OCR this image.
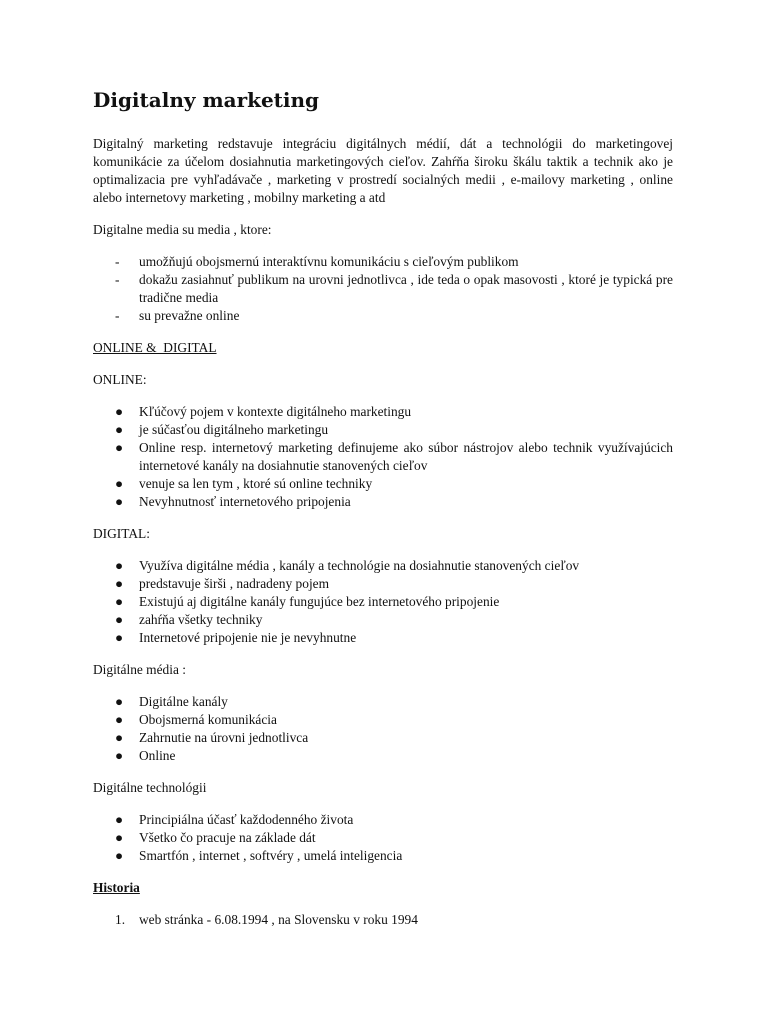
Digitalny marketing

Digitalný marketing redstavuje integráciu digitálnych médií, dát a technológii do marketingovej komunikácie za účelom dosiahnutia marketingových cieľov. Zahŕňa široku škálu taktik a technik ako je optimalizacia pre vyhľadávače , marketing v prostredí socialných medii , e-mailovy marketing , online alebo internetovy marketing , mobilny marketing a atd

Digitalne media su media , ktore:

-	umožňujú obojsmernú interaktívnu komunikáciu s cieľovým publikom
-	dokažu zasiahnuť publikum na urovni jednotlivca , ide teda o opak masovosti , ktoré je typická pre tradične media
-	su prevažne online

ONLINE &  DIGITAL

ONLINE:

●	Kľúčový pojem v kontexte digitálneho marketingu
●	je súčasťou digitálneho marketingu
●	Online resp. internetový marketing definujeme ako súbor nástrojov alebo technik využívajúcich internetové kanály na dosiahnutie stanovených cieľov
●	venuje sa len tym , ktoré sú online techniky
●	Nevyhnutnosť internetového pripojenia

DIGITAL:

●	Využíva digitálne média , kanály a technológie na dosiahnutie stanovených cieľov
●	predstavuje širši , nadradeny pojem
●	Existujú aj digitálne kanály fungujúce bez internetového pripojenie
●	zahŕňa všetky techniky
●	Internetové pripojenie nie je nevyhnutne

Digitálne média :

●	Digitálne kanály
●	Obojsmerná komunikácia
●	Zahrnutie na úrovni jednotlivca
●	Online

Digitálne technológii

●	Principiálna účasť každodenného života
●	Všetko čo pracuje na základe dát
●	Smartfón , internet , softvéry , umelá inteligencia

Historia

1.	web stránka - 6.08.1994 , na Slovensku v roku 1994
